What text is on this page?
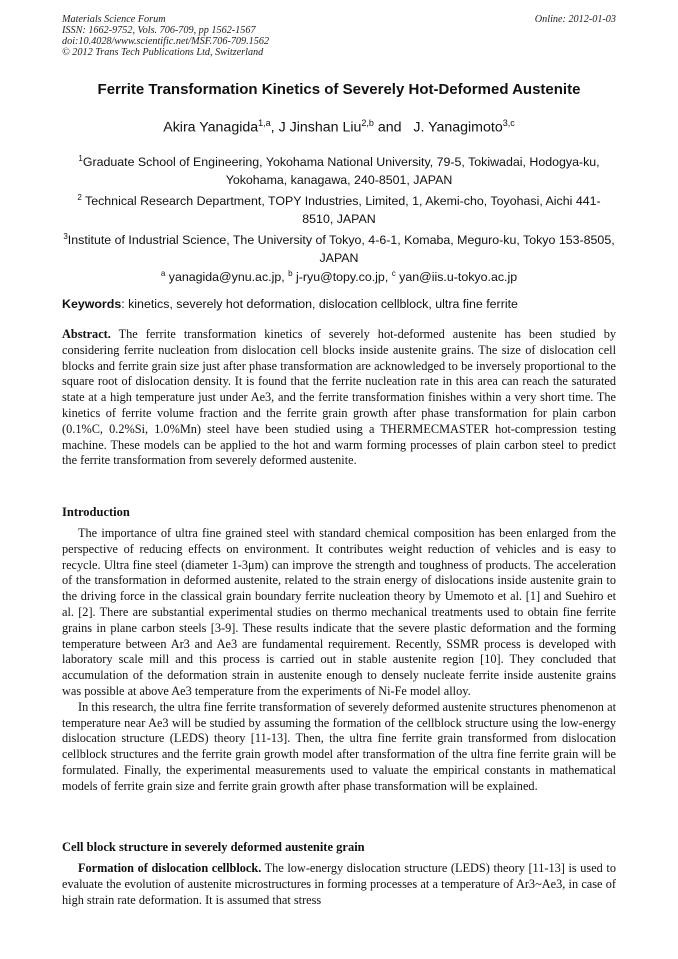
Materials Science Forum	Online: 2012-01-03
ISSN: 1662-9752, Vols. 706-709, pp 1562-1567
doi:10.4028/www.scientific.net/MSF.706-709.1562
© 2012 Trans Tech Publications Ltd, Switzerland
Ferrite Transformation Kinetics of Severely Hot-Deformed Austenite
Akira Yanagida$^{1,a}$, J Jinshan Liu$^{2,b}$ and   J. Yanagimoto$^{3,c}$
$^1$Graduate School of Engineering, Yokohama National University, 79-5, Tokiwadai, Hodogya-ku, Yokohama, kanagawa, 240-8501, JAPAN
$^2$ Technical Research Department, TOPY Industries, Limited, 1, Akemi-cho, Toyohasi, Aichi 441-8510, JAPAN
$^3$Institute of Industrial Science, The University of Tokyo, 4-6-1, Komaba, Meguro-ku, Tokyo 153-8505, JAPAN
$^a$ yanagida@ynu.ac.jp, $^b$ j-ryu@topy.co.jp, $^c$ yan@iis.u-tokyo.ac.jp
Keywords: kinetics, severely hot deformation, dislocation cellblock, ultra fine ferrite
Abstract. The ferrite transformation kinetics of severely hot-deformed austenite has been studied by considering ferrite nucleation from dislocation cell blocks inside austenite grains. The size of dislocation cell blocks and ferrite grain size just after phase transformation are acknowledged to be inversely proportional to the square root of dislocation density. It is found that the ferrite nucleation rate in this area can reach the saturated state at a high temperature just under Ae3, and the ferrite transformation finishes within a very short time. The kinetics of ferrite volume fraction and the ferrite grain growth after phase transformation for plain carbon (0.1%C, 0.2%Si, 1.0%Mn) steel have been studied using a THERMECMASTER hot-compression testing machine. These models can be applied to the hot and warm forming processes of plain carbon steel to predict the ferrite transformation from severely deformed austenite.
Introduction

The importance of ultra fine grained steel with standard chemical composition has been enlarged from the perspective of reducing effects on environment. It contributes weight reduction of vehicles and is easy to recycle. Ultra fine steel (diameter 1-3μm) can improve the strength and toughness of products. The acceleration of the transformation in deformed austenite, related to the strain energy of dislocations inside austenite grain to the driving force in the classical grain boundary ferrite nucleation theory by Umemoto et al. [1] and Suehiro et al. [2]. There are substantial experimental studies on thermo mechanical treatments used to obtain fine ferrite grains in plane carbon steels [3-9]. These results indicate that the severe plastic deformation and the forming temperature between Ar3 and Ae3 are fundamental requirement. Recently, SSMR process is developed with laboratory scale mill and this process is carried out in stable austenite region [10]. They concluded that accumulation of the deformation strain in austenite enough to densely nucleate ferrite inside austenite grains was possible at above Ae3 temperature from the experiments of Ni-Fe model alloy.

In this research, the ultra fine ferrite transformation of severely deformed austenite structures phenomenon at temperature near Ae3 will be studied by assuming the formation of the cellblock structure using the low-energy dislocation structure (LEDS) theory [11-13]. Then, the ultra fine ferrite grain transformed from dislocation cellblock structures and the ferrite grain growth model after transformation of the ultra fine ferrite grain will be formulated. Finally, the experimental measurements used to valuate the empirical constants in mathematical models of ferrite grain size and ferrite grain growth after phase transformation will be explained.

Cell block structure in severely deformed austenite grain

Formation of dislocation cellblock. The low-energy dislocation structure (LEDS) theory [11-13] is used to evaluate the evolution of austenite microstructures in forming processes at a temperature of Ar3~Ae3, in case of high strain rate deformation. It is assumed that stress
